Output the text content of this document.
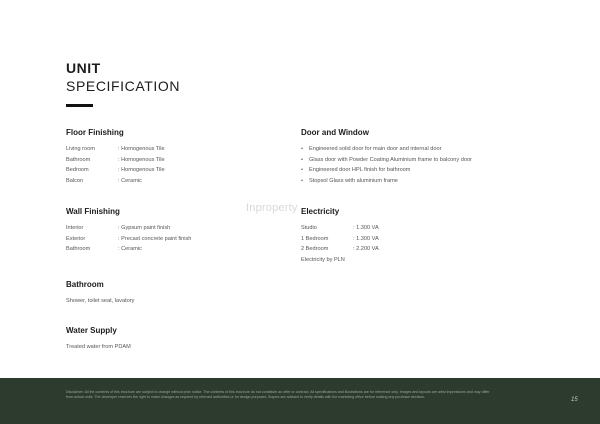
UNIT
SPECIFICATION
Inproperty
Floor Finishing
Living room	: Homogenous Tile
Bathroom	: Homogenous Tile
Bedroom	: Homogenous Tile
Balcon	: Ceramic
Wall Finishing
Interior	: Gypsum paint finish
Exterior	: Precast concrete paint finish
Bathroom	: Ceramic
Bathroom
Shower, toilet seat, lavatory
Water Supply
Treated water from PDAM
Door and Window
•	Engineered solid door for main door and internal door
•	Glass door with Powder Coating Aluminium frame to balcony door
•	Engineered door HPL finish for bathroom
•	Stopsol Glass with aluminium frame
Electricity
Studio	: 1.300 VA
1 Bedroom	: 1.300 VA
2 Bedroom	: 2.200 VA
Electricity by PLN
Disclaimer: All the contents of this brochure are subject to change without prior notice. The contents of this brochure do not constitute an offer or contract. All specifications and illustrations are for reference only. Images and layouts are artist impressions and may differ from actual units. The developer reserves the right to make changes as required by relevant authorities or for design purposes. Buyers are advised to verify details with the marketing office before making any purchase decision.	15
